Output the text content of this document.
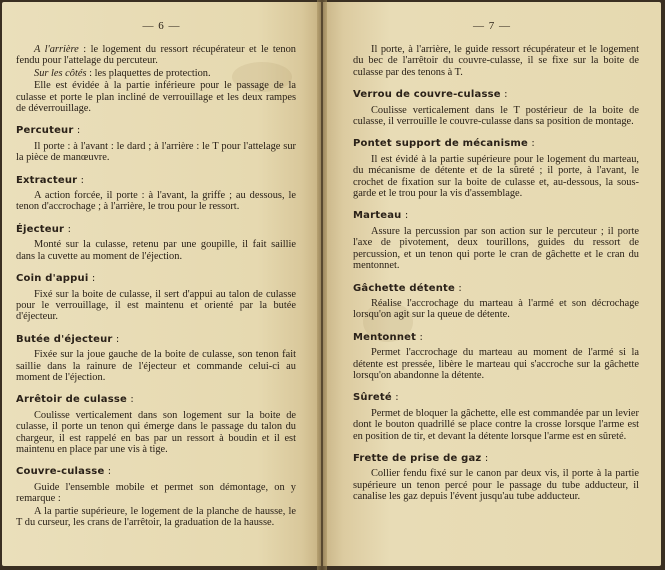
— 6 —

A l'arrière : le logement du ressort récupérateur et le tenon fendu pour l'attelage du percuteur.

Sur les côtés : les plaquettes de protection.

Elle est évidée à la partie inférieure pour le passage de la culasse et porte le plan incliné de verrouillage et les deux rampes de déverrouillage.

Percuteur :

Il porte : à l'avant : le dard ; à l'arrière : le T pour l'attelage sur la pièce de manœuvre.

Extracteur :

A action forcée, il porte : à l'avant, la griffe ; au dessous, le tenon d'accrochage ; à l'arrière, le trou pour le ressort.

Éjecteur :

Monté sur la culasse, retenu par une goupille, il fait saillie dans la cuvette au moment de l'éjection.

Coin d'appui :

Fixé sur la boite de culasse, il sert d'appui au talon de culasse pour le verrouillage, il est maintenu et orienté par la butée d'éjecteur.

Butée d'éjecteur :

Fixée sur la joue gauche de la boite de culasse, son tenon fait saillie dans la rainure de l'éjecteur et commande celui-ci au moment de l'éjection.

Arrêtoir de culasse :

Coulisse verticalement dans son logement sur la boite de culasse, il porte un tenon qui émerge dans le passage du talon du chargeur, il est rappelé en bas par un ressort à boudin et il est maintenu en place par une vis à tige.

Couvre-culasse :

Guide l'ensemble mobile et permet son démontage, on y remarque :

A la partie supérieure, le logement de la planche de hausse, le T du curseur, les crans de l'arrêtoir, la graduation de la hausse.

— 7 —

Il porte, à l'arrière, le guide ressort récupérateur et le logement du bec de l'arrêtoir du couvre-culasse, il se fixe sur la boite de culasse par des tenons à T.

Verrou de couvre-culasse :

Coulisse verticalement dans le T postérieur de la boite de culasse, il verrouille le couvre-culasse dans sa position de montage.

Pontet support de mécanisme :

Il est évidé à la partie supérieure pour le logement du marteau, du mécanisme de détente et de la sûreté ; il porte, à l'avant, le crochet de fixation sur la boite de culasse et, au-dessous, la sous-garde et le trou pour la vis d'assemblage.

Marteau :

Assure la percussion par son action sur le percuteur ; il porte l'axe de pivotement, deux tourillons, guides du ressort de percussion, et un tenon qui porte le cran de gâchette et le cran du mentonnet.

Gâchette détente :

Réalise l'accrochage du marteau à l'armé et son décrochage lorsqu'on agit sur la queue de détente.

Mentonnet :

Permet l'accrochage du marteau au moment de l'armé si la détente est pressée, libère le marteau qui s'accroche sur la gâchette lorsqu'on abandonne la détente.

Sûreté :

Permet de bloquer la gâchette, elle est commandée par un levier dont le bouton quadrillé se place contre la crosse lorsque l'arme est en position de tir, et devant la détente lorsque l'arme est en sûreté.

Frette de prise de gaz :

Collier fendu fixé sur le canon par deux vis, il porte à la partie supérieure un tenon percé pour le passage du tube adducteur, il canalise les gaz depuis l'évent jusqu'au tube adducteur.
